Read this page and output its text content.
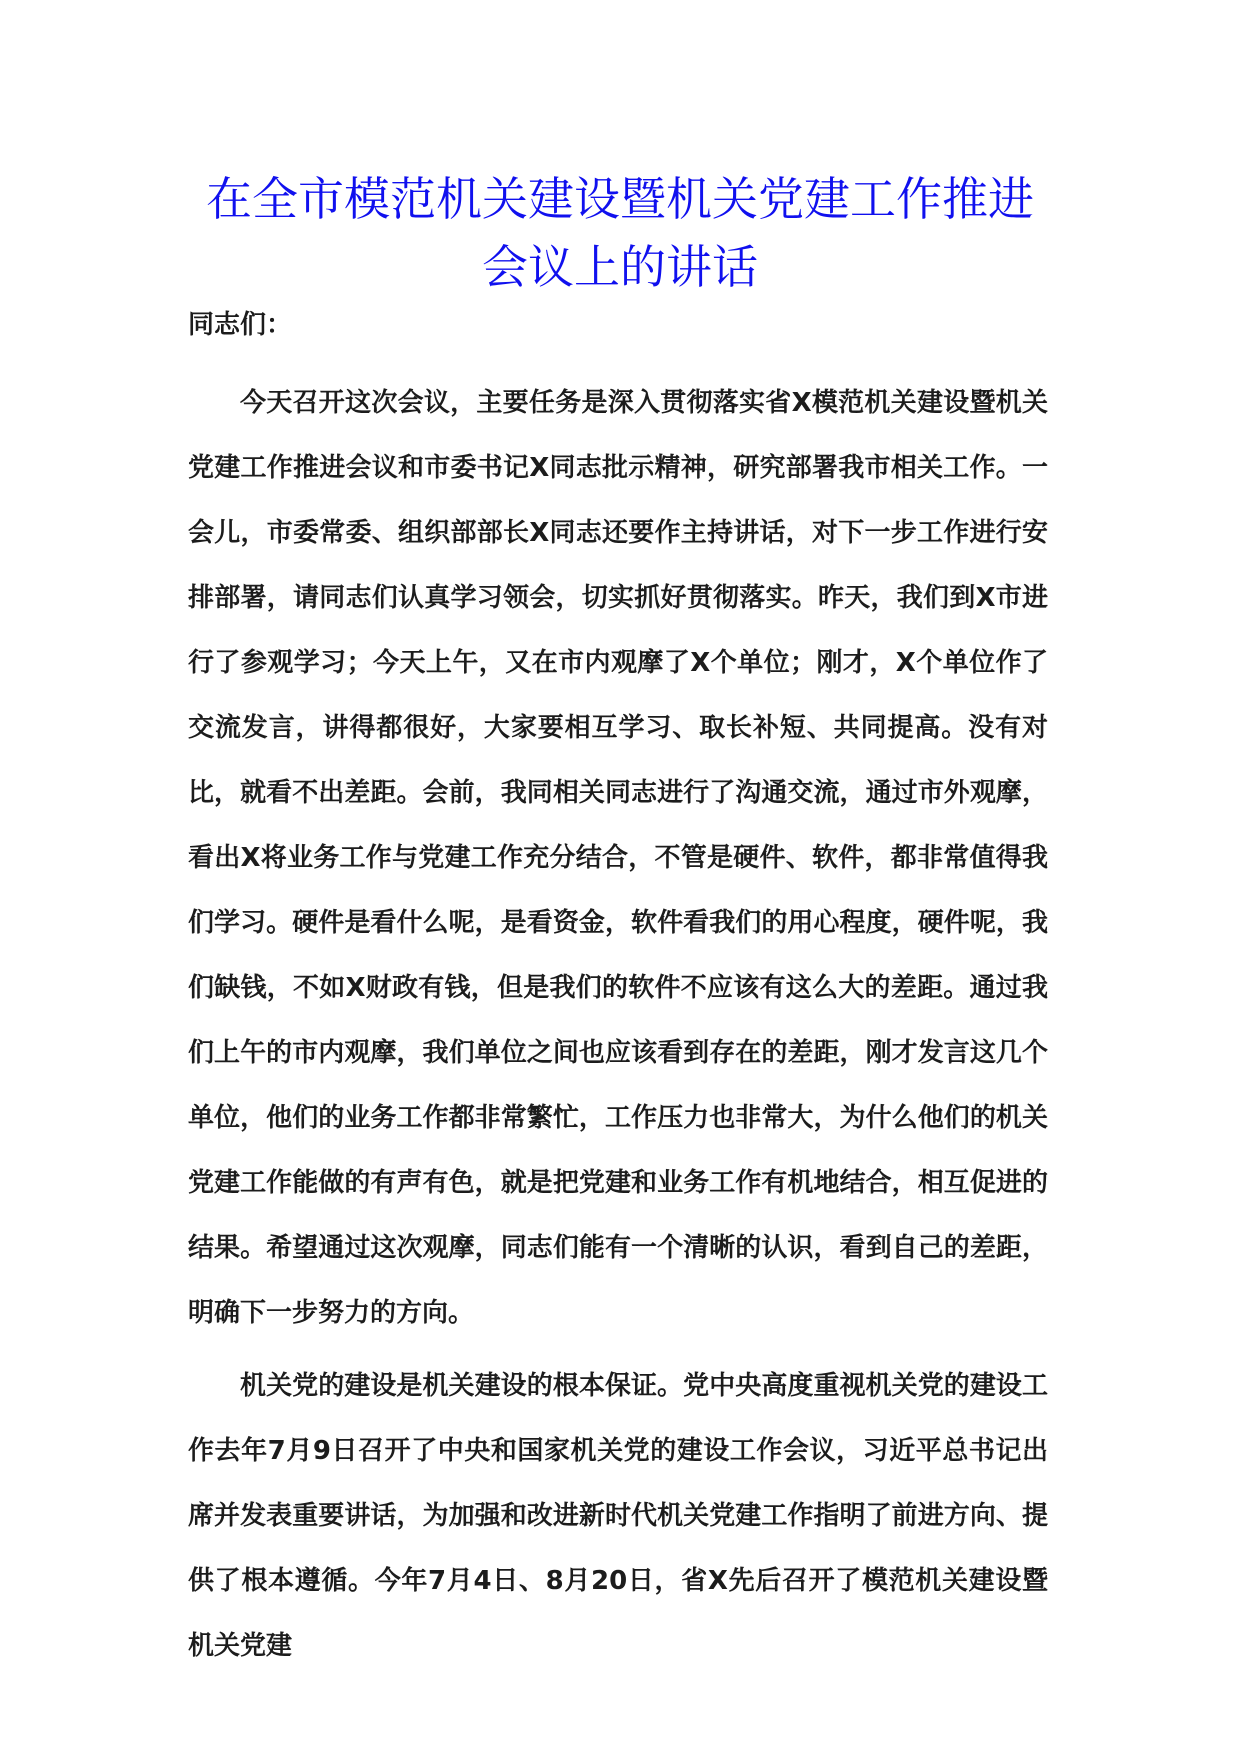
在全市模范机关建设暨机关党建工作推进
会议上的讲话
同志们：

今天召开这次会议，主要任务是深入贯彻落实省X模范机关建设暨机关党建工作推进会议和市委书记X同志批示精神，研究部署我市相关工作。一会儿，市委常委、组织部部长X同志还要作主持讲话，对下一步工作进行安排部署，请同志们认真学习领会，切实抓好贯彻落实。昨天，我们到X市进行了参观学习；今天上午，又在市内观摩了X个单位；刚才，X个单位作了交流发言，讲得都很好，大家要相互学习、取长补短、共同提高。没有对比，就看不出差距。会前，我同相关同志进行了沟通交流，通过市外观摩，看出X将业务工作与党建工作充分结合，不管是硬件、软件，都非常值得我们学习。硬件是看什么呢，是看资金，软件看我们的用心程度，硬件呢，我们缺钱，不如X财政有钱，但是我们的软件不应该有这么大的差距。通过我们上午的市内观摩，我们单位之间也应该看到存在的差距，刚才发言这几个单位，他们的业务工作都非常繁忙，工作压力也非常大，为什么他们的机关党建工作能做的有声有色，就是把党建和业务工作有机地结合，相互促进的结果。希望通过这次观摩，同志们能有一个清晰的认识，看到自己的差距，明确下一步努力的方向。

机关党的建设是机关建设的根本保证。党中央高度重视机关党的建设工作去年7月9日召开了中央和国家机关党的建设工作会议，习近平总书记出席并发表重要讲话，为加强和改进新时代机关党建工作指明了前进方向、提供了根本遵循。今年7月4日、8月20日，省X先后召开了模范机关建设暨机关党建
